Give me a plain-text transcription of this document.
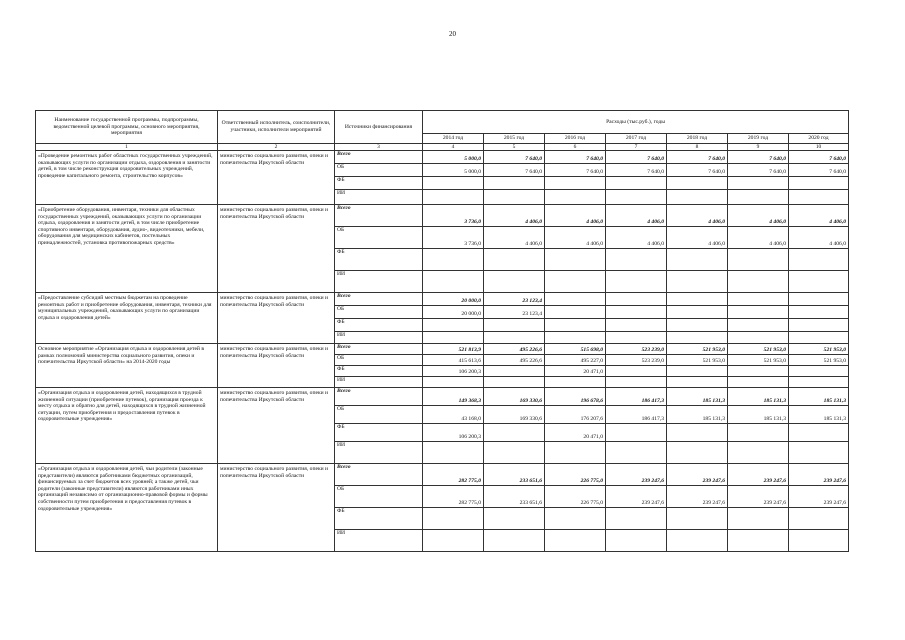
20
Наименование государственной программы, подпрограммы, ведомственной целевой программы, основного мероприятия, мероприятия	Ответственный исполнитель, соисполнители, участники, исполнители мероприятий	Источники финансирования	Расходы (тыс.руб.), годы						
			2014 год	2015 год	2016 год	2017 год	2018 год	2019 год	2020 год
1	2	3	4	5	6	7	8	9	10
«Проведение ремонтных работ областных государственных учреждений, оказывающих услуги по организации отдыха, оздоровления и занятости детей, в том числе реконструкция оздоровительных учреждений, проведение капитального ремонта, строительство корпусов»	министерство социального развития, опеки и попечительства Иркутской области	Всего	5 000,0	7 640,0	7 640,0	7 640,0	7 640,0	7 640,0	7 640,0
		ОБ	5 000,0	7 640,0	7 640,0	7 640,0	7 640,0	7 640,0	7 640,0
		ФБ							
		ИИ							
«Приобретение оборудования, инвентаря, техники для областных государственных учреждений, оказывающих услуги по организации отдыха, оздоровления и занятости детей, в том числе приобретение спортивного инвентаря, оборудования, аудио-, видеотехники, мебели, оборудования для медицинских кабинетов, постельных принадлежностей, установка противопожарных средств»	министерство социального развития, опеки и попечительства Иркутской области	Всего	3 736,0	4 406,0	4 406,0	4 406,0	4 406,0	4 406,0	4 406,0
		ОБ	3 736,0	4 406,0	4 406,0	4 406,0	4 406,0	4 406,0	4 406,0
		ФБ							
		ИИ							
«Предоставление субсидий местным бюджетам на проведение ремонтных работ и приобретение оборудования, инвентаря, техники для муниципальных учреждений, оказывающих услуги по организации отдыха и оздоровления детей»	министерство социального развития, опеки и попечительства Иркутской области	Всего	20 000,0	23 123,4					
		ОБ	20 000,0	23 123,4					
		ФБ							
		ИИ							
Основное мероприятие «Организация отдыха и оздоровления детей в рамках полномочий министерства социального развития, опеки и попечительства Иркутской области» на 2014-2020 годы	министерство социального развития, опеки и попечительства Иркутской области	Всего	521 813,9	495 226,6	515 698,0	523 239,0	521 953,0	521 953,0	521 953,0
		ОБ	415 613,6	495 226,6	495 227,0	523 239,0	521 953,0	521 953,0	521 953,0
		ФБ	106 200,3		20 471,0				
		ИИ							
«Организация отдыха и оздоровления детей, находящихся в трудной жизненной ситуации (приобретение путевок), организация проезда к месту отдыха и обратно для детей, находящихся в трудной жизненной ситуации, путем приобретения и предоставления путевок в оздоровительные учреждения»	министерство социального развития, опеки и попечительства Иркутской области	Всего	149 368,3	169 330,6	196 678,6	186 417,3	185 131,3	185 131,3	185 131,3
		ОБ	43 168,0	169 330,6	176 207,6	186 417,3	185 131,3	185 131,3	185 131,3
		ФБ	106 200,3		20 471,0				
		ИИ							
«Организация отдыха и оздоровления детей, чьи родители (законные представители) являются работниками бюджетных организаций, финансируемых за счет бюджетов всех уровней; а также детей, чьи родители (законные представители) являются работниками иных организаций независимо от организационно-правовой формы и формы собственности путем приобретения и предоставления путевок в оздоровительные учреждения»	министерство социального развития, опеки и попечительства Иркутской области	Всего	282 775,0	233 651,6	226 775,0	239 247,6	239 247,6	239 247,6	239 247,6
		ОБ	282 775,0	233 651,6	226 775,0	239 247,6	239 247,6	239 247,6	239 247,6
		ФБ							
		ИИ							
